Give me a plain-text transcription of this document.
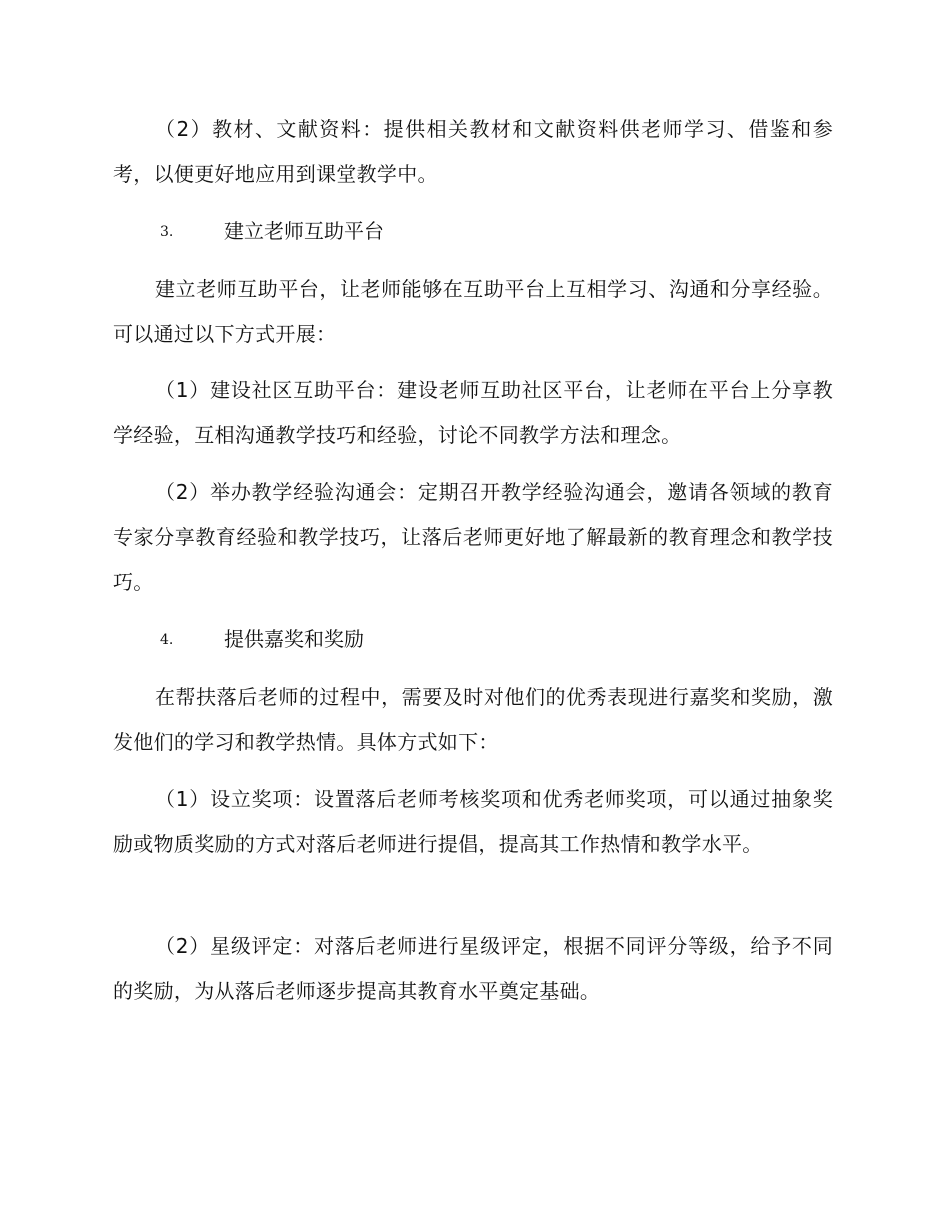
（2）教材、文献资料：提供相关教材和文献资料供老师学习、借鉴和参考，以便更好地应用到课堂教学中。

3.	建立老师互助平台

建立老师互助平台，让老师能够在互助平台上互相学习、沟通和分享经验。可以通过以下方式开展：

（1）建设社区互助平台：建设老师互助社区平台，让老师在平台上分享教学经验，互相沟通教学技巧和经验，讨论不同教学方法和理念。

（2）举办教学经验沟通会：定期召开教学经验沟通会，邀请各领域的教育专家分享教育经验和教学技巧，让落后老师更好地了解最新的教育理念和教学技巧。

4.	提供嘉奖和奖励

在帮扶落后老师的过程中，需要及时对他们的优秀表现进行嘉奖和奖励，激发他们的学习和教学热情。具体方式如下：

（1）设立奖项：设置落后老师考核奖项和优秀老师奖项，可以通过抽象奖励或物质奖励的方式对落后老师进行提倡，提高其工作热情和教学水平。

（2）星级评定：对落后老师进行星级评定，根据不同评分等级，给予不同的奖励，为从落后老师逐步提高其教育水平奠定基础。
